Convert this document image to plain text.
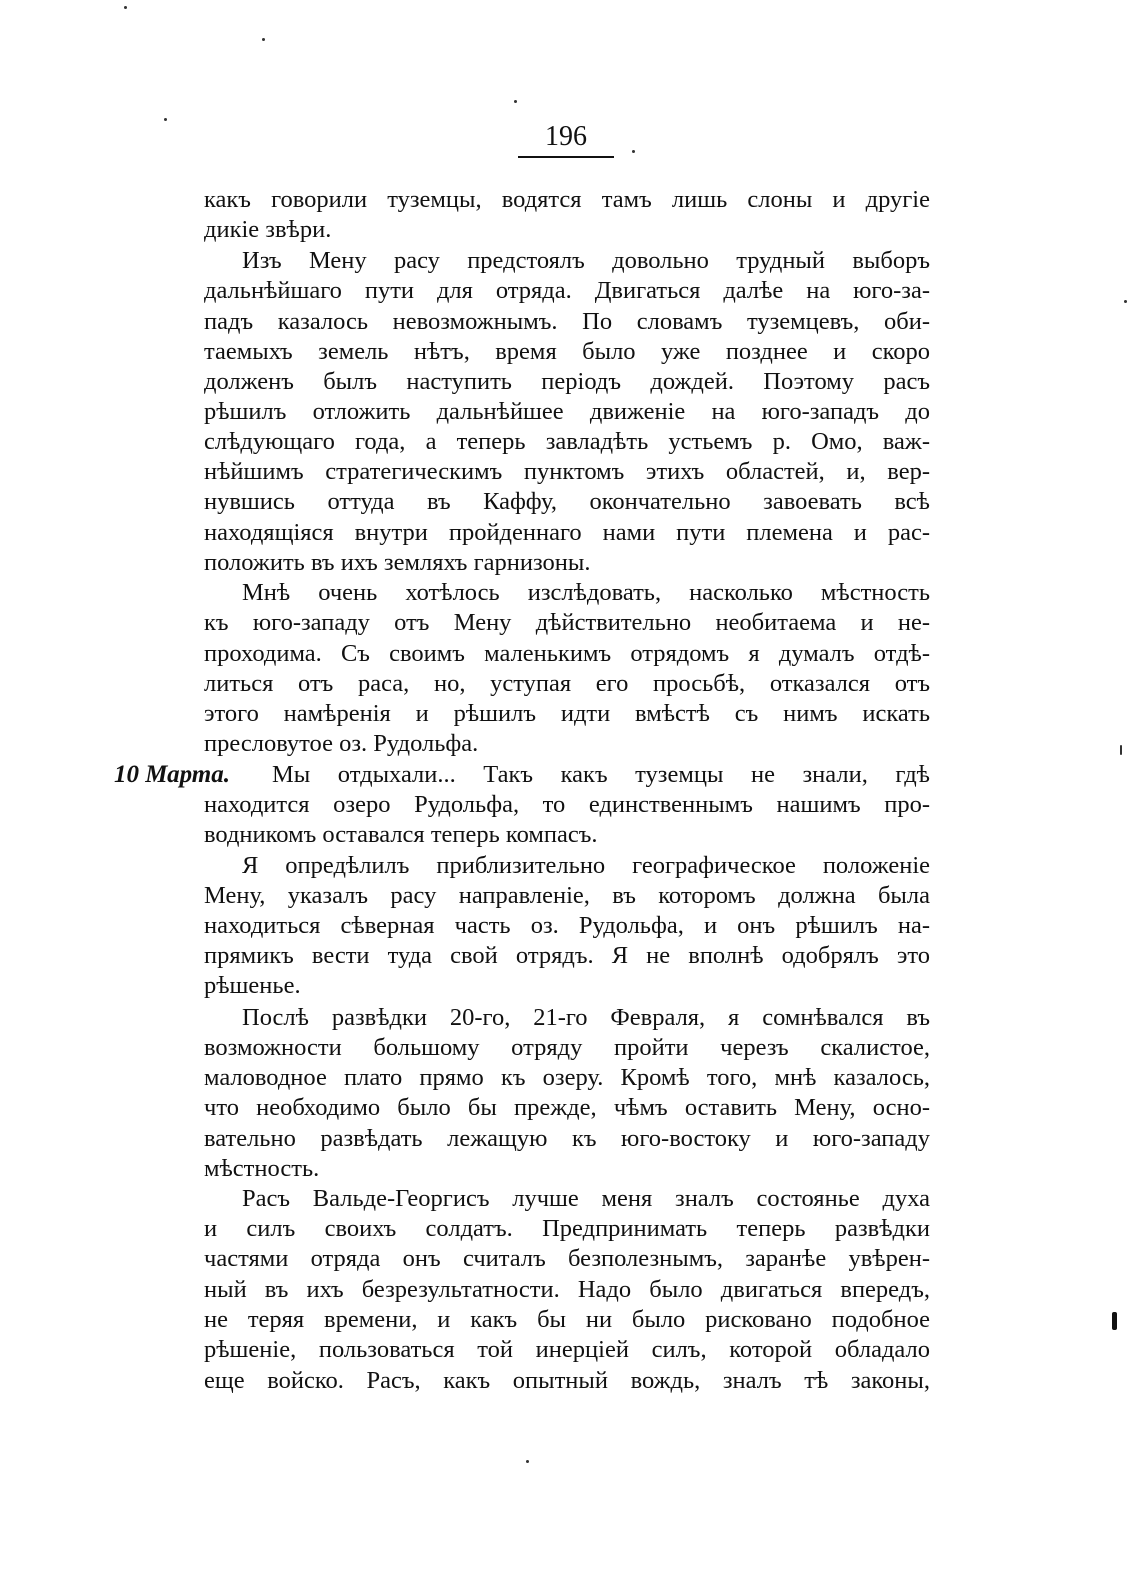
196
10 Марта.
какъ говорили туземцы, водятся тамъ лишь слоны и другіе
дикіе звѣри.
Изъ Мену расу предстоялъ довольно трудный выборъ
дальнѣйшаго пути для отряда. Двигаться далѣе на юго-за-
падъ казалось невозможнымъ. По словамъ туземцевъ, оби-
таемыхъ земель нѣтъ, время было уже позднее и скоро
долженъ былъ наступить періодъ дождей. Поэтому расъ
рѣшилъ отложить дальнѣйшее движеніе на юго-западъ до
слѣдующаго года, а теперь завладѣть устьемъ р. Омо, важ-
нѣйшимъ стратегическимъ пунктомъ этихъ областей, и, вер-
нувшись оттуда въ Каффу, окончательно завоевать всѣ
находящіяся внутри пройденнаго нами пути племена и рас-
положить въ ихъ земляхъ гарнизоны.
Мнѣ очень хотѣлось изслѣдовать, насколько мѣстность
къ юго-западу отъ Мену дѣйствительно необитаема и не-
проходима. Съ своимъ маленькимъ отрядомъ я думалъ отдѣ-
литься отъ раса, но, уступая его просьбѣ, отказался отъ
этого намѣренія и рѣшилъ идти вмѣстѣ съ нимъ искать
пресловутое оз. Рудольфа.
Мы отдыхали... Такъ какъ туземцы не знали, гдѣ
находится озеро Рудольфа, то единственнымъ нашимъ про-
водникомъ оставался теперь компасъ.
Я опредѣлилъ приблизительно географическое положеніе
Мену, указалъ расу направленіе, въ которомъ должна была
находиться сѣверная часть оз. Рудольфа, и онъ рѣшилъ на-
прямикъ вести туда свой отрядъ. Я не вполнѣ одобрялъ это
рѣшенье.
Послѣ развѣдки 20-го, 21-го Февраля, я сомнѣвался въ
возможности большому отряду пройти черезъ скалистое,
маловодное плато прямо къ озеру. Кромѣ того, мнѣ казалось,
что необходимо было бы прежде, чѣмъ оставить Мену, осно-
вательно развѣдать лежащую къ юго-востоку и юго-западу
мѣстность.
Расъ Вальде-Георгисъ лучше меня зналъ состоянье духа
и силъ своихъ солдатъ. Предпринимать теперь развѣдки
частями отряда онъ считалъ безполезнымъ, заранѣе увѣрен-
ный въ ихъ безрезультатности. Надо было двигаться впередъ,
не теряя времени, и какъ бы ни было рисковано подобное
рѣшеніе, пользоваться той инерціей силъ, которой обладало
еще войско. Расъ, какъ опытный вождь, зналъ тѣ законы,
